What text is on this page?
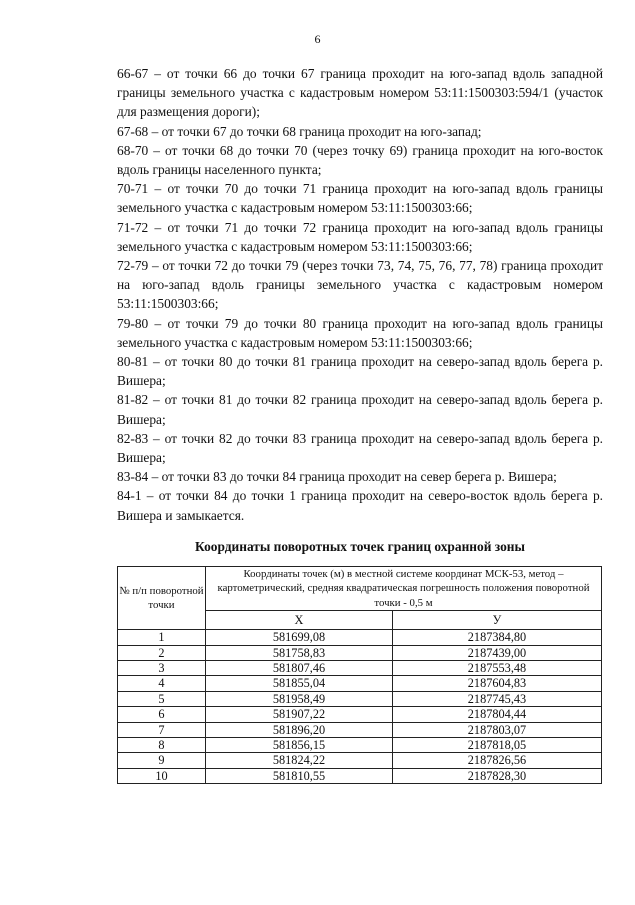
6

66-67 – от точки 66 до точки 67 граница проходит на юго-запад вдоль западной границы земельного участка с кадастровым номером 53:11:1500303:594/1 (участок для размещения дороги);

67-68 – от точки 67 до точки 68 граница проходит на юго-запад;

68-70 – от точки 68 до точки 70 (через точку 69) граница проходит на юго-восток вдоль границы населенного пункта;

70-71 – от точки 70 до точки 71 граница проходит на юго-запад вдоль границы земельного участка с кадастровым номером 53:11:1500303:66;

71-72 – от точки 71 до точки 72 граница проходит на юго-запад вдоль границы земельного участка с кадастровым номером 53:11:1500303:66;

72-79 – от точки 72 до точки 79 (через точки 73, 74, 75, 76, 77, 78) граница проходит на юго-запад вдоль границы земельного участка с кадастровым номером 53:11:1500303:66;

79-80 – от точки 79 до точки 80 граница проходит на юго-запад вдоль границы земельного участка с кадастровым номером 53:11:1500303:66;

80-81 – от точки 80 до точки 81 граница проходит на северо-запад вдоль берега р. Вишера;

81-82 – от точки 81 до точки 82 граница проходит на северо-запад вдоль берега р. Вишера;

82-83 – от точки 82 до точки 83 граница проходит на северо-запад вдоль берега р. Вишера;

83-84 – от точки 83 до точки 84 граница проходит на север берега р. Вишера;

84-1 – от точки 84 до точки 1 граница проходит на северо-восток вдоль берега р. Вишера и замыкается.

Координаты поворотных точек границ охранной зоны
№ п/п поворотной точки	Координаты точек (м) в местной системе координат МСК-53, метод – картометрический, средняя квадратическая погрешность положения поворотной точки - 0,5 м	
	X	У
1	581699,08	2187384,80
2	581758,83	2187439,00
3	581807,46	2187553,48
4	581855,04	2187604,83
5	581958,49	2187745,43
6	581907,22	2187804,44
7	581896,20	2187803,07
8	581856,15	2187818,05
9	581824,22	2187826,56
10	581810,55	2187828,30
